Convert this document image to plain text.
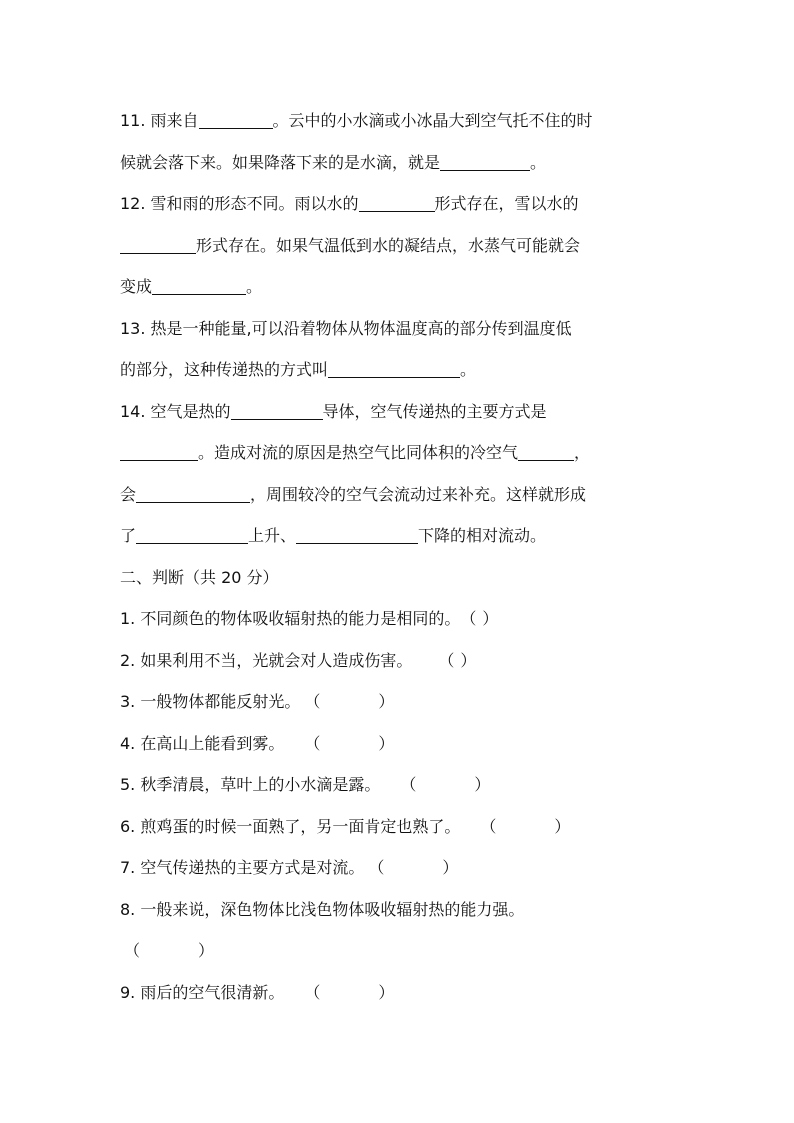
11. 雨来自	。云中的小水滴或小冰晶大到空气托不住的时
候就会落下来。如果降落下来的是水滴，就是	。
12. 雪和雨的形态不同。雨以水的	形式存在，雪以水的
形式存在。如果气温低到水的凝结点，水蒸气可能就会
变成	。
13. 热是一种能量,可以沿着物体从物体温度高的部分传到温度低
的部分，这种传递热的方式叫	。
14. 空气是热的	导体，空气传递热的主要方式是
。造成对流的原因是热空气比同体积的冷空气	，
会	，周围较冷的空气会流动过来补充。这样就形成
了	上升、	下降的相对流动。
二、判断（共 20 分）
1. 不同颜色的物体吸收辐射热的能力是相同的。（ ）
2. 如果利用不当，光就会对人造成伤害。 （ ）
3. 一般物体都能反射光。 （	）
4. 在高山上能看到雾。 （	）
5. 秋季清晨，草叶上的小水滴是露。 （	）
6. 煎鸡蛋的时候一面熟了，另一面肯定也熟了。 （	）
7. 空气传递热的主要方式是对流。 （	）
8. 一般来说，深色物体比浅色物体吸收辐射热的能力强。
（	）
9. 雨后的空气很清新。 （	）
